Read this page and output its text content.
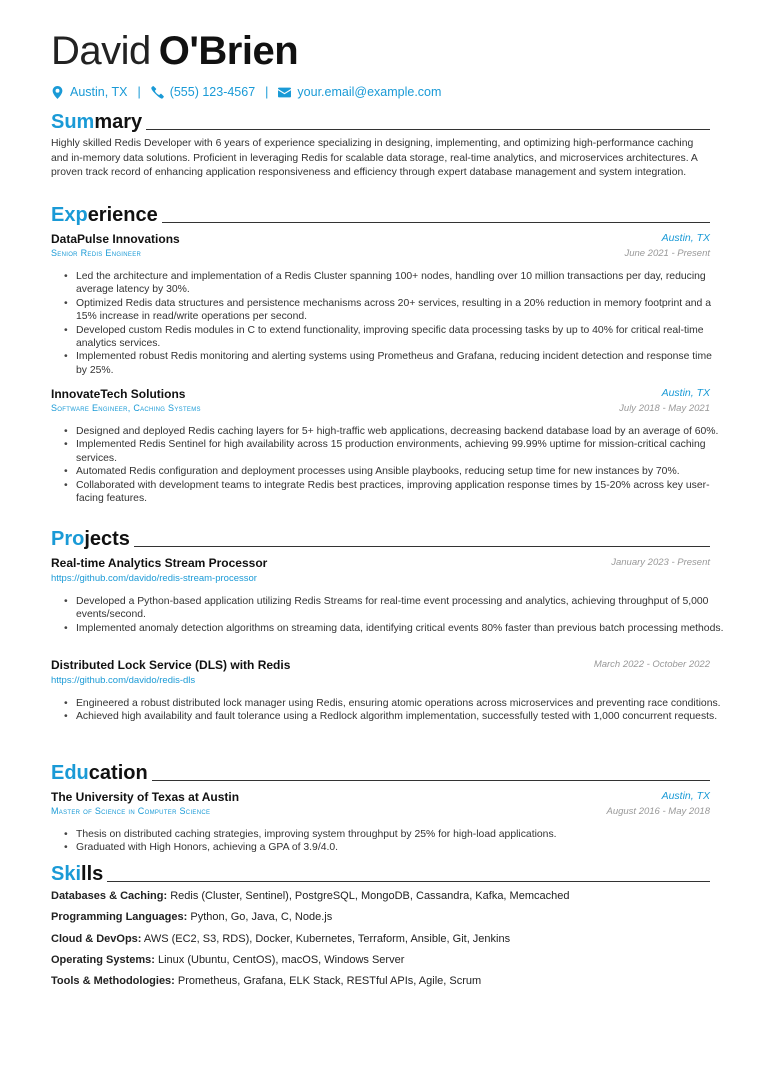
David O'Brien
Austin, TX | (555) 123-4567 | your.email@example.com
Summary

Highly skilled Redis Developer with 6 years of experience specializing in designing, implementing, and optimizing high-performance caching and in-memory data solutions. Proficient in leveraging Redis for scalable data storage, real-time analytics, and microservices architectures. A proven track record of enhancing application responsiveness and efficiency through expert database management and system integration.

Experience
DataPulse Innovations	Austin, TX
Senior Redis Engineer	June 2021 - Present
• Led the architecture and implementation of a Redis Cluster spanning 100+ nodes, handling over 10 million transactions per day, reducing average latency by 30%.
• Optimized Redis data structures and persistence mechanisms across 20+ services, resulting in a 20% reduction in memory footprint and a 15% increase in read/write operations per second.
• Developed custom Redis modules in C to extend functionality, improving specific data processing tasks by up to 40% for critical real-time analytics services.
• Implemented robust Redis monitoring and alerting systems using Prometheus and Grafana, reducing incident detection and response time by 25%.
InnovateTech Solutions	Austin, TX
Software Engineer, Caching Systems	July 2018 - May 2021
• Designed and deployed Redis caching layers for 5+ high-traffic web applications, decreasing backend database load by an average of 60%.
• Implemented Redis Sentinel for high availability across 15 production environments, achieving 99.99% uptime for mission-critical caching services.
• Automated Redis configuration and deployment processes using Ansible playbooks, reducing setup time for new instances by 70%.
• Collaborated with development teams to integrate Redis best practices, improving application response times by 15-20% across key user-facing features.
Projects
Real-time Analytics Stream Processor	January 2023 - Present
https://github.com/davido/redis-stream-processor
• Developed a Python-based application utilizing Redis Streams for real-time event processing and analytics, achieving throughput of 5,000 events/second.
• Implemented anomaly detection algorithms on streaming data, identifying critical events 80% faster than previous batch processing methods.
Distributed Lock Service (DLS) with Redis	March 2022 - October 2022
https://github.com/davido/redis-dls
• Engineered a robust distributed lock manager using Redis, ensuring atomic operations across microservices and preventing race conditions.
• Achieved high availability and fault tolerance using a Redlock algorithm implementation, successfully tested with 1,000 concurrent requests.
Education
The University of Texas at Austin	Austin, TX
Master of Science in Computer Science	August 2016 - May 2018
• Thesis on distributed caching strategies, improving system throughput by 25% for high-load applications.
• Graduated with High Honors, achieving a GPA of 3.9/4.0.
Skills
Databases & Caching: Redis (Cluster, Sentinel), PostgreSQL, MongoDB, Cassandra, Kafka, Memcached
Programming Languages: Python, Go, Java, C, Node.js
Cloud & DevOps: AWS (EC2, S3, RDS), Docker, Kubernetes, Terraform, Ansible, Git, Jenkins
Operating Systems: Linux (Ubuntu, CentOS), macOS, Windows Server
Tools & Methodologies: Prometheus, Grafana, ELK Stack, RESTful APIs, Agile, Scrum
